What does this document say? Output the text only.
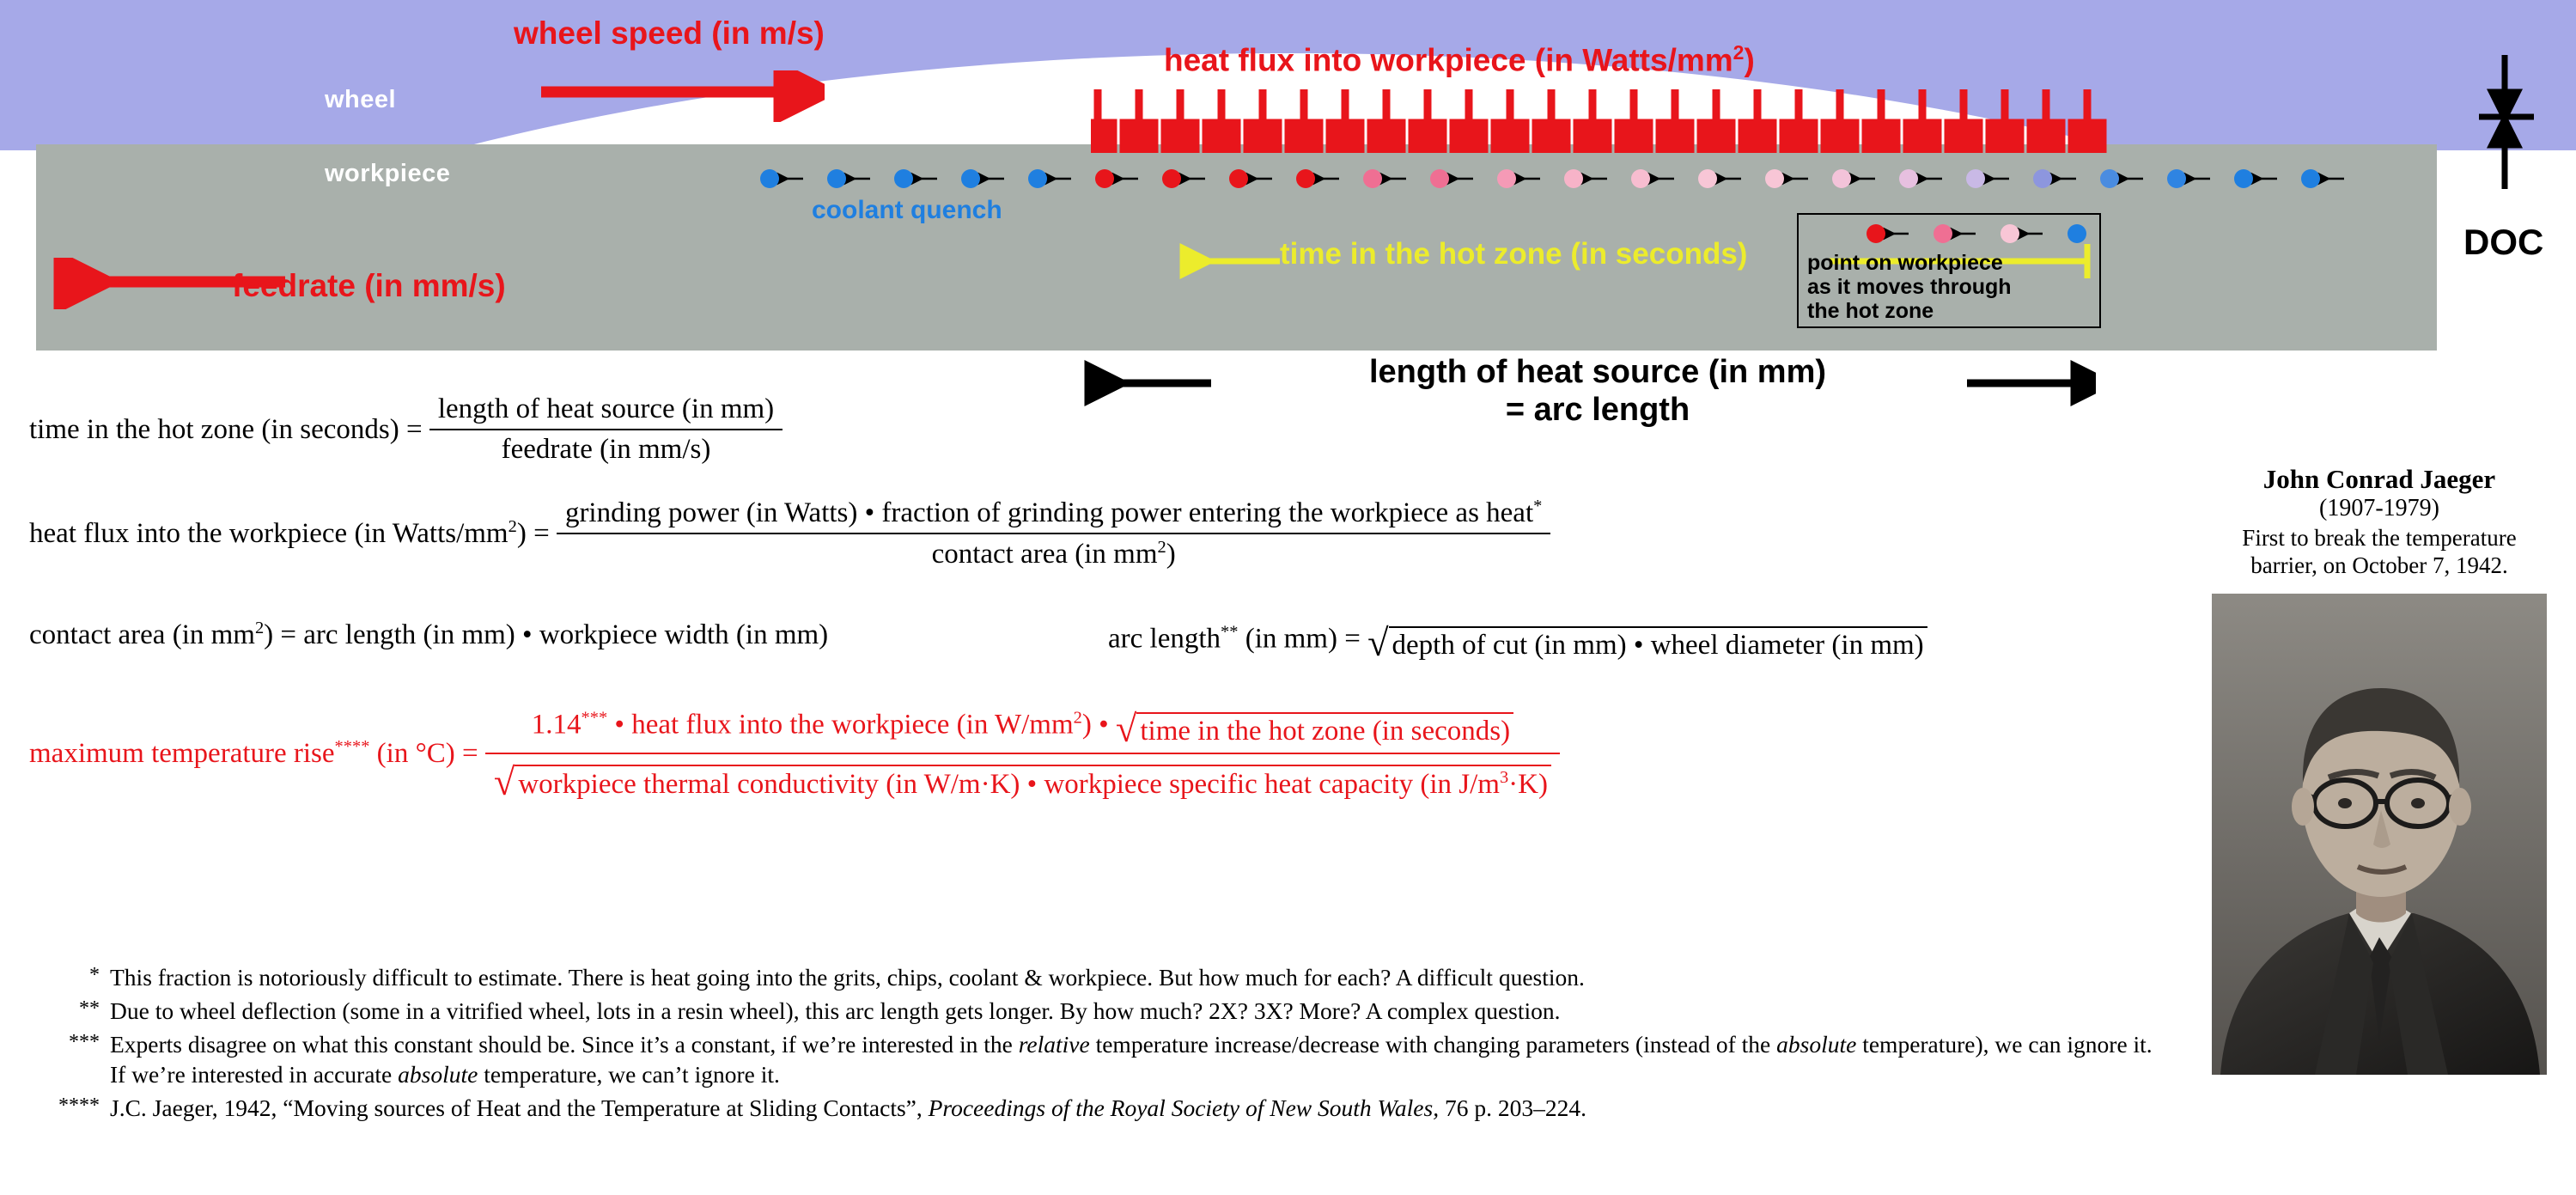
wheel
workpiece
wheel speed (in m/s)
heat flux into workpiece (in Watts/$mm^2$)
coolant quench
time in the hot zone (in seconds)
feedrate (in mm/s)
point on workpiece
as it moves through
the hot zone
DOC
length of heat source (in mm)
= arc length
time in the hot zone (in seconds) = $\frac{\text{length of heat source (in mm)}}{\text{feedrate (in mm/s)}}$
heat flux into the workpiece (in Watts/$mm^2$) =
grinding power (in Watts) • fraction of grinding power entering the workpiece as heat*
contact area (in $mm^2$)
contact area (in $mm^2$) = arc length (in mm) • workpiece width (in mm)	arc length** (in mm) = √ depth of cut (in mm) • wheel diameter (in mm)
maximum temperature rise**** (in °C) =
1.14*** • heat flux into the workpiece (in $W/mm^2$) • √ time in the hot zone (in seconds)
√ workpiece thermal conductivity (in W/m·K) • workpiece specific heat capacity (in $J/m^3\cdot K$)
* This fraction is notoriously difficult to estimate. There is heat going into the grits, chips, coolant & workpiece. But how much for each? A difficult question.
** Due to wheel deflection (some in a vitrified wheel, lots in a resin wheel), this arc length gets longer. By how much? 2X? 3X? More? A complex question.
*** Experts disagree on what this constant should be. Since it’s a constant, if we’re interested in the relative temperature increase/decrease with changing parameters (instead of the absolute temperature), we can ignore it. If we’re interested in accurate absolute temperature, we can’t ignore it.
**** J.C. Jaeger, 1942, “Moving sources of Heat and the Temperature at Sliding Contacts”, Proceedings of the Royal Society of New South Wales, 76 p. 203–224.
John Conrad Jaeger
(1907-1979)
First to break the temperature
barrier, on October 7, 1942.
